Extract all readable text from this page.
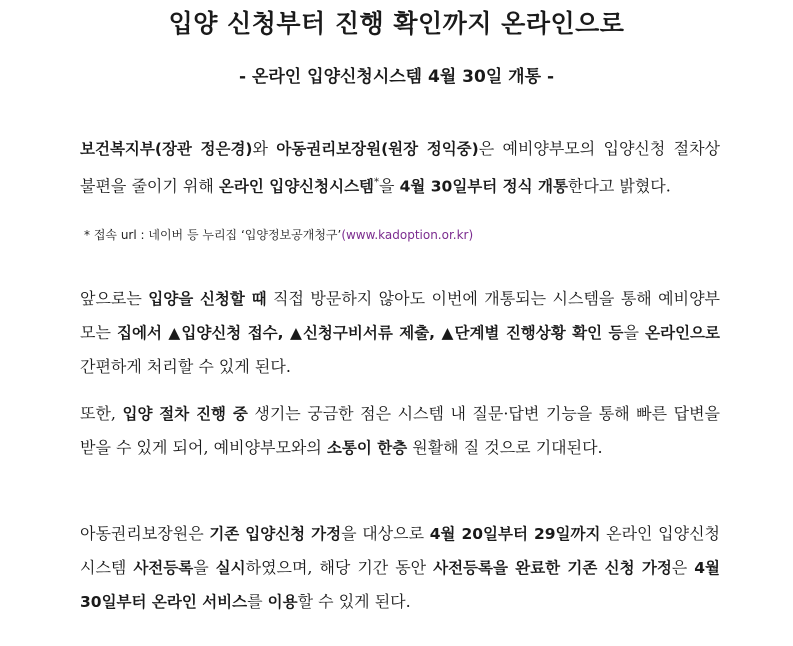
입양 신청부터 진행 확인까지 온라인으로
- 온라인 입양신청시스템 4월 30일 개통 -

보건복지부(장관 정은경)와 아동권리보장원(원장 정익중)은 예비양부모의 입양신청 절차상 불편을 줄이기 위해 온라인 입양신청시스템*을 4월 30일부터 정식 개통한다고 밝혔다.

* 접속 url : 네이버 등 누리집 ‘입양정보공개청구’(www.kadoption.or.kr)

앞으로는 입양을 신청할 때 직접 방문하지 않아도 이번에 개통되는 시스템을 통해 예비양부모는 집에서 ▲입양신청 접수, ▲신청구비서류 제출, ▲단계별 진행상황 확인 등을 온라인으로 간편하게 처리할 수 있게 된다.

또한, 입양 절차 진행 중 생기는 궁금한 점은 시스템 내 질문·답변 기능을 통해 빠른 답변을 받을 수 있게 되어, 예비양부모와의 소통이 한층 원활해 질 것으로 기대된다.

아동권리보장원은 기존 입양신청 가정을 대상으로 4월 20일부터 29일까지 온라인 입양신청시스템 사전등록을 실시하였으며, 해당 기간 동안 사전등록을 완료한 기존 신청 가정은 4월 30일부터 온라인 서비스를 이용할 수 있게 된다.
